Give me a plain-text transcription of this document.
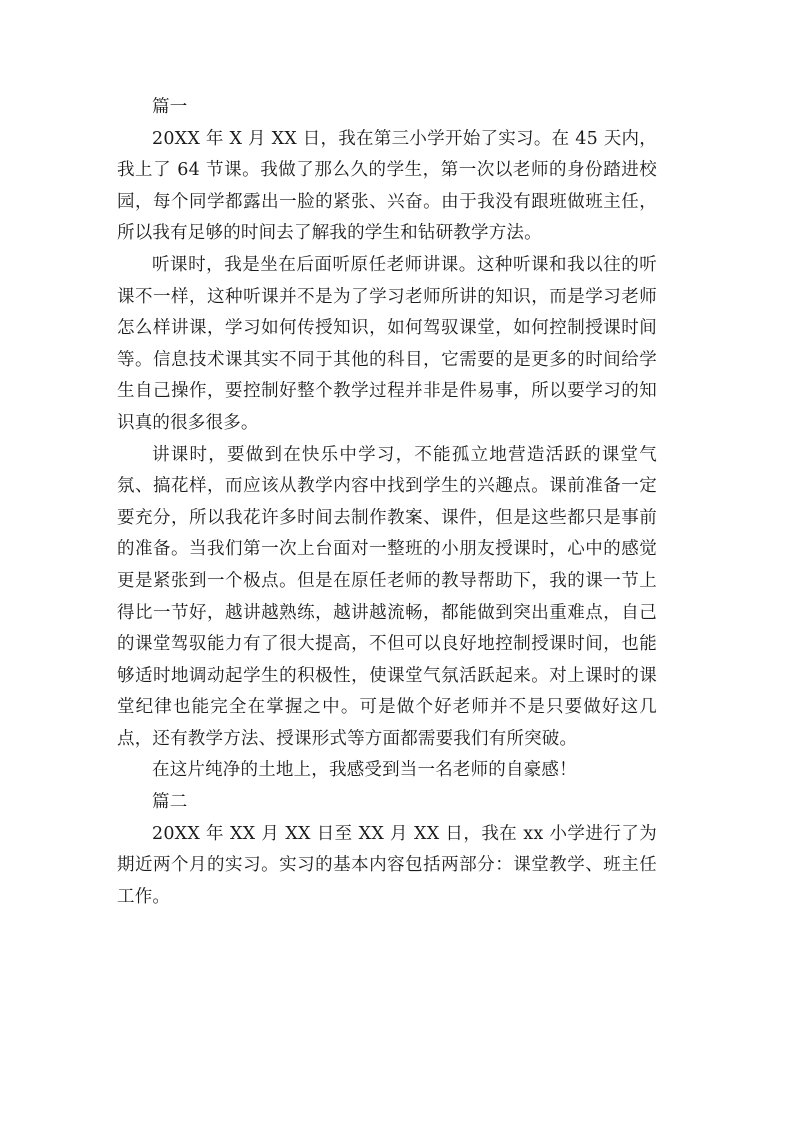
篇一

20XX 年 X 月 XX 日，我在第三小学开始了实习。在 45 天内，我上了 64 节课。我做了那么久的学生，第一次以老师的身份踏进校园，每个同学都露出一脸的紧张、兴奋。由于我没有跟班做班主任，所以我有足够的时间去了解我的学生和钻研教学方法。

听课时，我是坐在后面听原任老师讲课。这种听课和我以往的听课不一样，这种听课并不是为了学习老师所讲的知识，而是学习老师怎么样讲课，学习如何传授知识，如何驾驭课堂，如何控制授课时间等。信息技术课其实不同于其他的科目，它需要的是更多的时间给学生自己操作，要控制好整个教学过程并非是件易事，所以要学习的知识真的很多很多。

讲课时，要做到在快乐中学习，不能孤立地营造活跃的课堂气氛、搞花样，而应该从教学内容中找到学生的兴趣点。课前准备一定要充分，所以我花许多时间去制作教案、课件，但是这些都只是事前的准备。当我们第一次上台面对一整班的小朋友授课时，心中的感觉更是紧张到一个极点。但是在原任老师的教导帮助下，我的课一节上得比一节好，越讲越熟练，越讲越流畅，都能做到突出重难点，自己的课堂驾驭能力有了很大提高，不但可以良好地控制授课时间，也能够适时地调动起学生的积极性，使课堂气氛活跃起来。对上课时的课堂纪律也能完全在掌握之中。可是做个好老师并不是只要做好这几点，还有教学方法、授课形式等方面都需要我们有所突破。

在这片纯净的土地上，我感受到当一名老师的自豪感！

篇二

20XX 年 XX 月 XX 日至 XX 月 XX 日，我在 xx 小学进行了为期近两个月的实习。实习的基本内容包括两部分：课堂教学、班主任工作。
